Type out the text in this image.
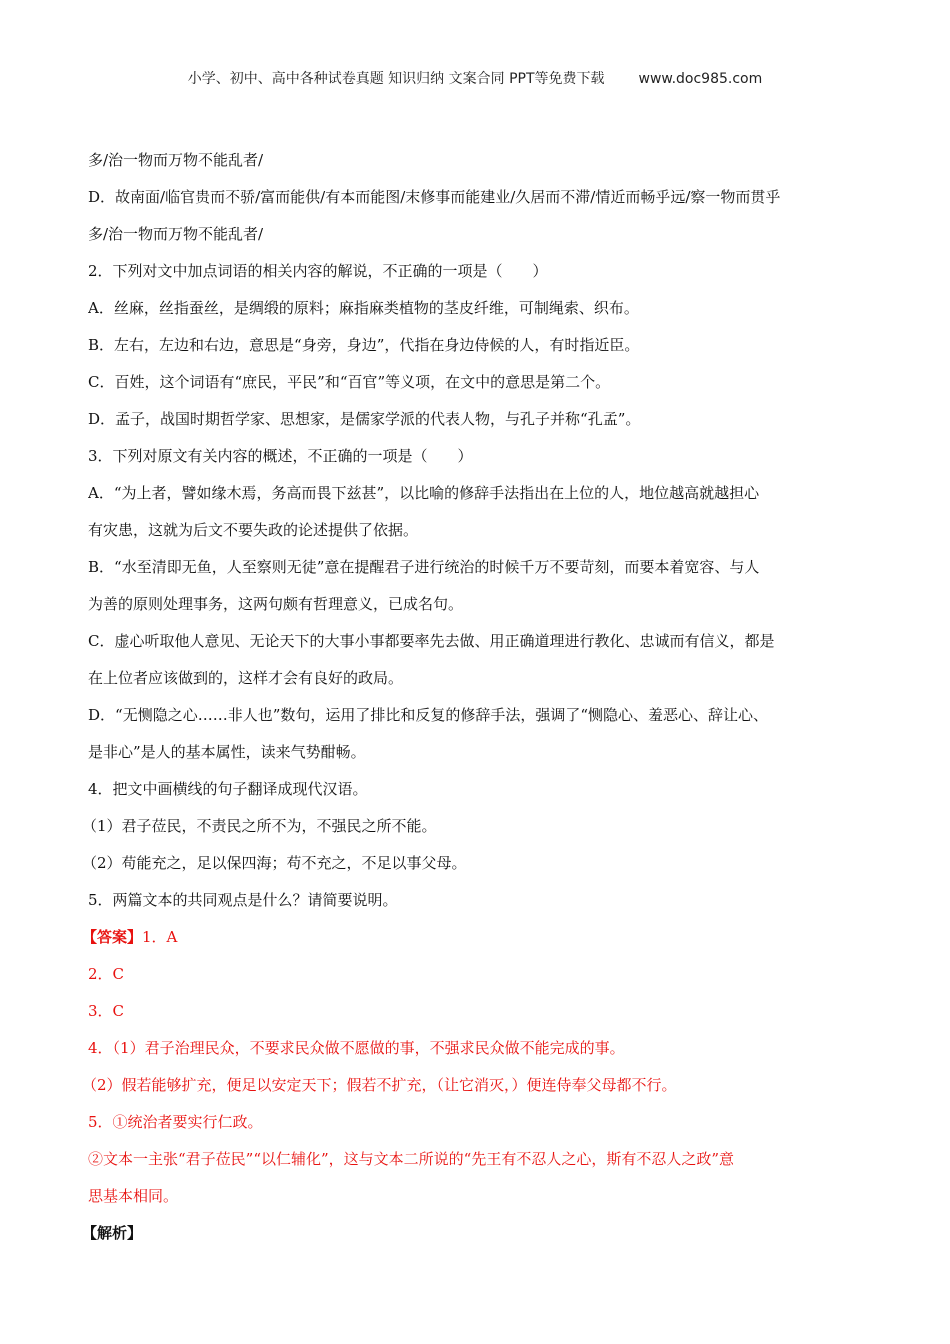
小学、初中、高中各种试卷真题 知识归纳 文案合同 PPT等免费下载 www.doc985.com
多/治一物而万物不能乱者/
D．故南面/临官贵而不骄/富而能供/有本而能图/末修事而能建业/久居而不滞/情近而畅乎远/察一物而贯乎
多/治一物而万物不能乱者/
2．下列对文中加点词语的相关内容的解说，不正确的一项是（　　）
A．丝麻，丝指蚕丝，是绸缎的原料；麻指麻类植物的茎皮纤维，可制绳索、织布。
B．左右，左边和右边，意思是“身旁，身边”，代指在身边侍候的人，有时指近臣。
C．百姓，这个词语有“庶民，平民”和“百官”等义项，在文中的意思是第二个。
D．孟子，战国时期哲学家、思想家，是儒家学派的代表人物，与孔子并称“孔孟”。
3．下列对原文有关内容的概述，不正确的一项是（　　）
A．“为上者，譬如缘木焉，务高而畏下兹甚”，以比喻的修辞手法指出在上位的人，地位越高就越担心
有灾患，这就为后文不要失政的论述提供了依据。
B．“水至清即无鱼，人至察则无徒”意在提醒君子进行统治的时候千万不要苛刻，而要本着宽容、与人
为善的原则处理事务，这两句颇有哲理意义，已成名句。
C．虚心听取他人意见、无论天下的大事小事都要率先去做、用正确道理进行教化、忠诚而有信义，都是
在上位者应该做到的，这样才会有良好的政局。
D．“无恻隐之心……非人也”数句，运用了排比和反复的修辞手法，强调了“恻隐心、羞恶心、辞让心、
是非心”是人的基本属性，读来气势酣畅。
4．把文中画横线的句子翻译成现代汉语。
（1）君子莅民，不责民之所不为，不强民之所不能。
（2）苟能充之，足以保四海；苟不充之，不足以事父母。
5．两篇文本的共同观点是什么？请简要说明。
【答案】1．A
2．C
3．C
4．（1）君子治理民众，不要求民众做不愿做的事，不强求民众做不能完成的事。
（2）假若能够扩充，便足以安定天下；假若不扩充，（让它消灭，）便连侍奉父母都不行。
5．①统治者要实行仁政。
②文本一主张“君子莅民”“以仁辅化”，这与文本二所说的“先王有不忍人之心，斯有不忍人之政”意
思基本相同。
【解析】
